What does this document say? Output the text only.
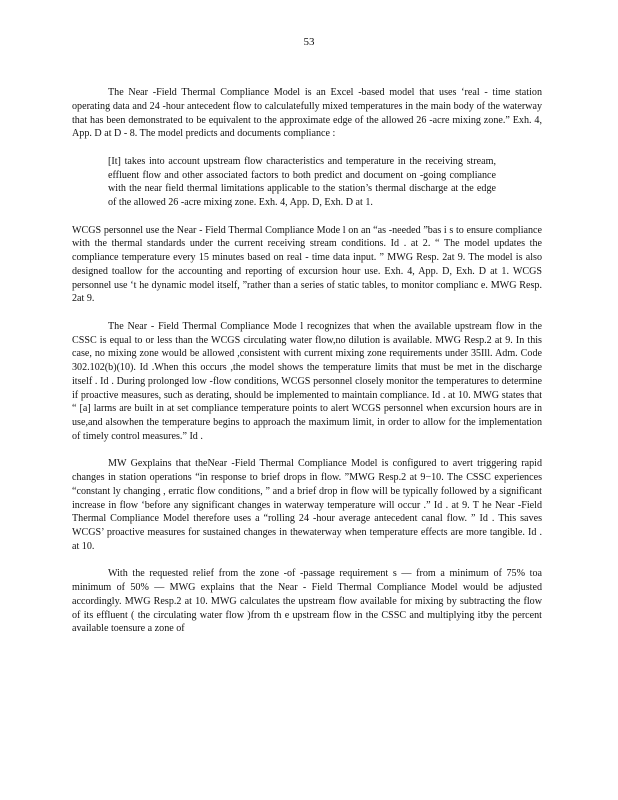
53

The Near -Field Thermal Compliance Model is an Excel -based model that uses ‘real - time station operating data and 24 -hour antecedent flow to calculatefully mixed temperatures in the main body of the waterway that has been demonstrated to be equivalent to the approximate edge of the allowed 26 -acre mixing zone.” Exh. 4, App. D at D - 8. The model predicts and documents compliance :

[It] takes into account upstream flow characteristics and temperature in the receiving stream, effluent flow and other associated factors to both predict and document on -going compliance with the near field thermal limitations applicable to the station’s thermal discharge at the edge of the allowed 26 -acre mixing zone. Exh. 4, App. D, Exh. D at 1.

WCGS personnel use the Near - Field Thermal Compliance Mode l on an “as -needed ”bas i s to ensure compliance with the thermal standards under the current receiving stream conditions. Id . at 2. “ The model updates the compliance temperature every 15 minutes based on real - time data input. ” MWG Resp. 2at 9. The model is also designed toallow for the accounting and reporting of excursion hour use. Exh. 4, App. D, Exh. D at 1. WCGS personnel use ‘t he dynamic model itself, ”rather than a series of static tables, to monitor complianc e. MWG Resp. 2at 9.

The Near - Field Thermal Compliance Mode l recognizes that when the available upstream flow in the CSSC is equal to or less than the WCGS circulating water flow,no dilution is available. MWG Resp.2 at 9. In this case, no mixing zone would be allowed ,consistent with current mixing zone requirements under 35Ill. Adm. Code 302.102(b)(10). Id .When this occurs ,the model shows the temperature limits that must be met in the discharge itself . Id . During prolonged low -flow conditions, WCGS personnel closely monitor the temperatures to determine if proactive measures, such as derating, should be implemented to maintain compliance. Id . at 10. MWG states that “ [a] larms are built in at set compliance temperature points to alert WCGS personnel when excursion hours are in use,and alsowhen the temperature begins to approach the maximum limit, in order to allow for the implementation of timely control measures.” Id .

MW Gexplains that theNear -Field Thermal Compliance Model is configured to avert triggering rapid changes in station operations “in response to brief drops in flow. ”MWG Resp.2 at 9−10. The CSSC experiences “constant ly changing , erratic flow conditions, ” and a brief drop in flow will be typically followed by a significant increase in flow ‘before any significant changes in waterway temperature will occur .” Id . at 9. T he Near -Field Thermal Compliance Model therefore uses a “rolling 24 -hour average antecedent canal flow. ” Id . This saves WCGS’ proactive measures for sustained changes in thewaterway when temperature effects are more tangible. Id . at 10.

With the requested relief from the zone -of -passage requirement s — from a minimum of 75% toa minimum of 50% — MWG explains that the Near - Field Thermal Compliance Model would be adjusted accordingly. MWG Resp.2 at 10. MWG calculates the upstream flow available for mixing by subtracting the flow of its effluent ( the circulating water flow )from th e upstream flow in the CSSC and multiplying itby the percent available toensure a zone of
